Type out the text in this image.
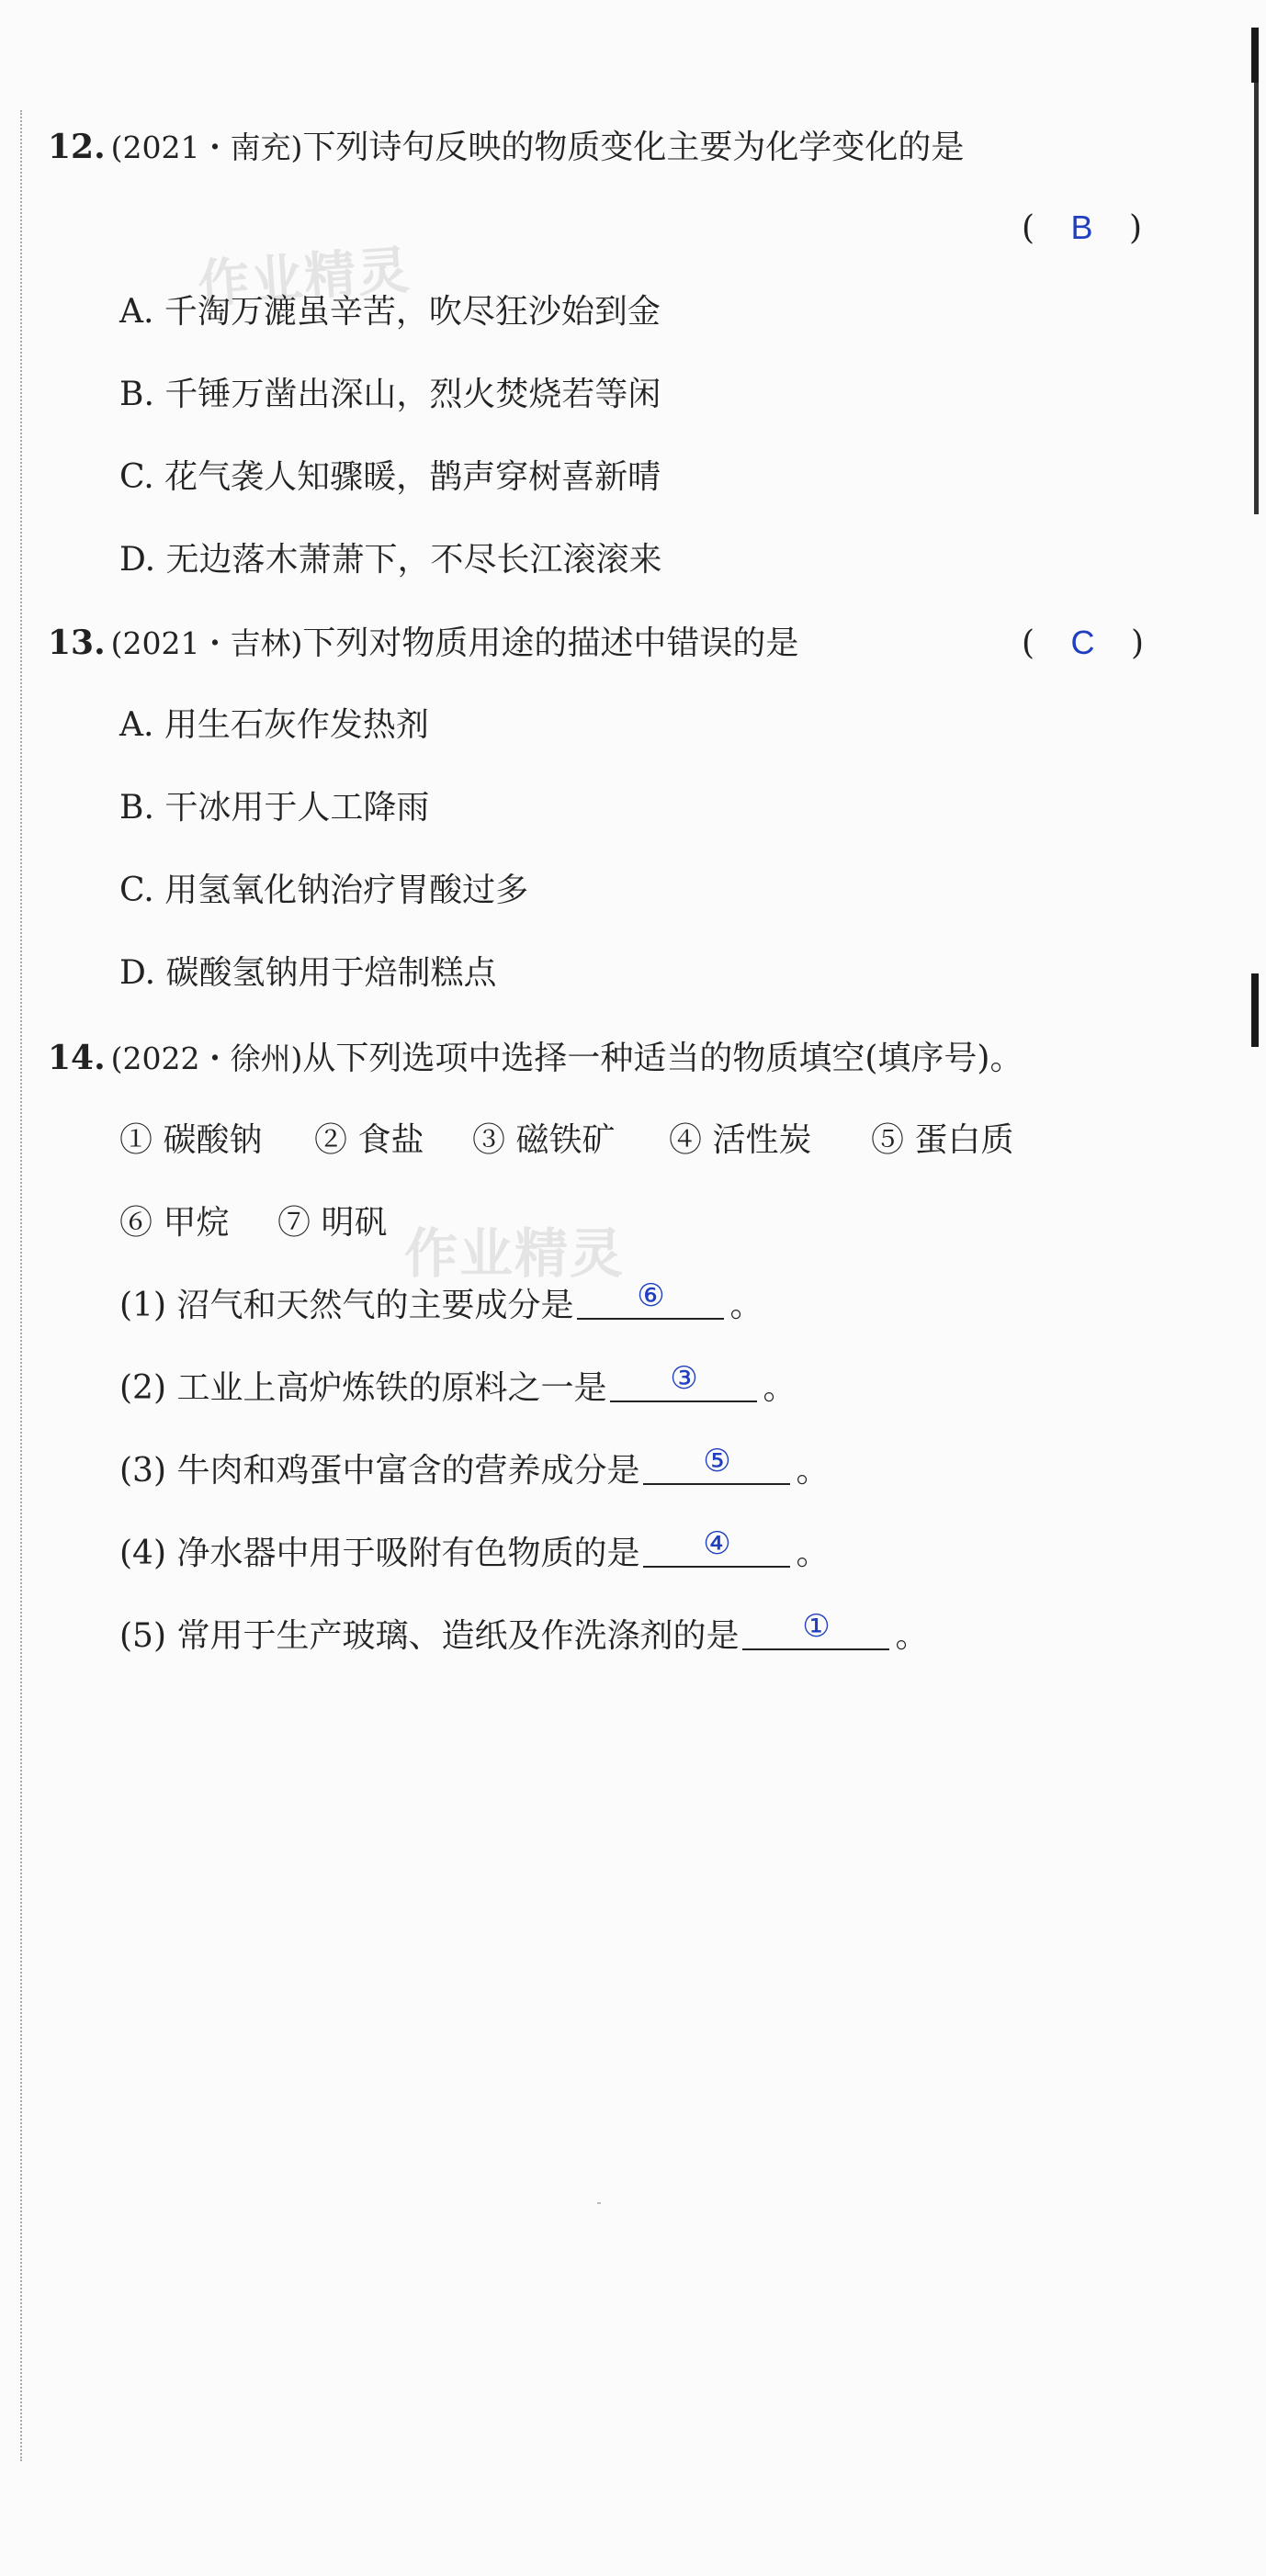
作业精灵
作业精灵
12. (2021・南充)下列诗句反映的物质变化主要为化学变化的是
( B )
A. 千淘万漉虽辛苦，吹尽狂沙始到金
B. 千锤万凿出深山，烈火焚烧若等闲
C. 花气袭人知骤暖，鹊声穿树喜新晴
D. 无边落木萧萧下，不尽长江滚滚来
13. (2021・吉林)下列对物质用途的描述中错误的是	( C )
A. 用生石灰作发热剂
B. 干冰用于人工降雨
C. 用氢氧化钠治疗胃酸过多
D. 碳酸氢钠用于焙制糕点
14. (2022・徐州)从下列选项中选择一种适当的物质填空(填序号)。
① 碳酸钠 ② 食盐 ③ 磁铁矿 ④ 活性炭 ⑤ 蛋白质
⑥ 甲烷 ⑦ 明矾
(1) 沼气和天然气的主要成分是	⑥	。
(2) 工业上高炉炼铁的原料之一是	③	。
(3) 牛肉和鸡蛋中富含的营养成分是	⑤	。
(4) 净水器中用于吸附有色物质的是	④	。
(5) 常用于生产玻璃、造纸及作洗涤剂的是	①	。
